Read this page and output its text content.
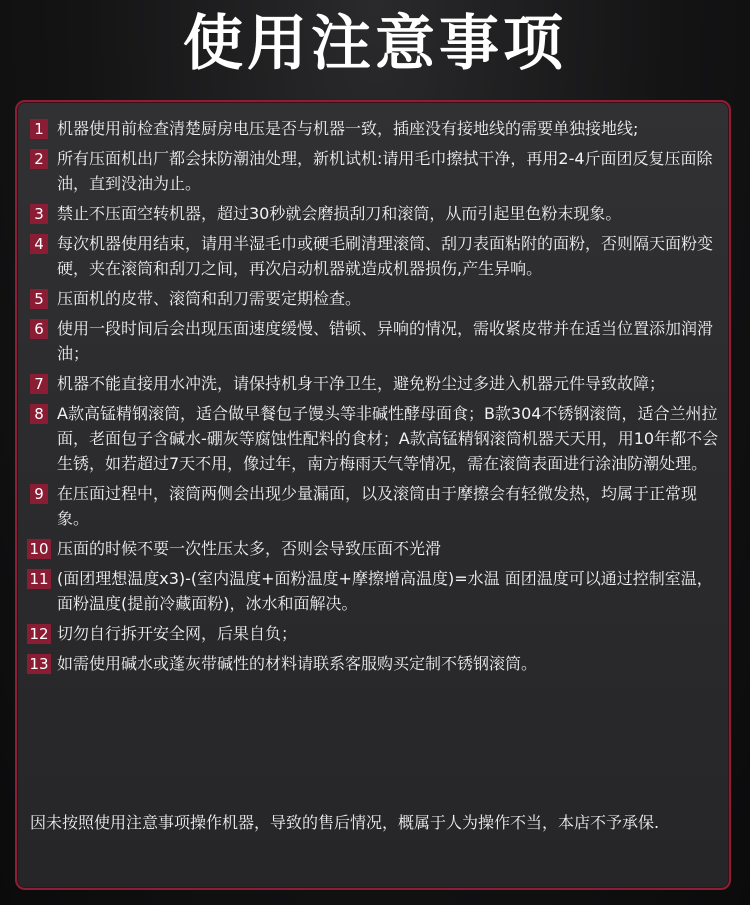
使用注意事项
1 机器使用前检查清楚厨房电压是否与机器一致，插座没有接地线的需要单独接地线;
2 所有压面机出厂都会抹防潮油处理，新机试机:请用毛巾擦拭干净，再用2-4斤面团反复压面除油，直到没油为止。
3 禁止不压面空转机器，超过30秒就会磨损刮刀和滚筒，从而引起里色粉末现象。
4 每次机器使用结束，请用半湿毛巾或硬毛刷清理滚筒、刮刀表面粘附的面粉，否则隔天面粉变硬，夹在滚筒和刮刀之间，再次启动机器就造成机器损伤,产生异响。
5 压面机的皮带、滚筒和刮刀需要定期检查。
6 使用一段时间后会出现压面速度缓慢、错顿、异响的情况，需收紧皮带并在适当位置添加润滑油；
7 机器不能直接用水冲洗，请保持机身干净卫生，避免粉尘过多进入机器元件导致故障；
8 A款高锰精钢滚筒，适合做早餐包子馒头等非碱性酵母面食；B款304不锈钢滚筒，适合兰州拉面，老面包子含碱水-硼灰等腐蚀性配料的食材；A款高锰精钢滚筒机器天天用，用10年都不会生锈，如若超过7天不用，像过年，南方梅雨天气等情况，需在滚筒表面进行涂油防潮处理。
9 在压面过程中，滚筒两侧会出现少量漏面，以及滚筒由于摩擦会有轻微发热，均属于正常现象。
10 压面的时候不要一次性压太多，否则会导致压面不光滑
11 (面团理想温度x3)-(室内温度+面粉温度+摩擦增高温度)=水温 面团温度可以通过控制室温，面粉温度(提前冷藏面粉)，冰水和面解决。
12 切勿自行拆开安全网，后果自负；
13 如需使用碱水或蓬灰带碱性的材料请联系客服购买定制不锈钢滚筒。
因未按照使用注意事项操作机器，导致的售后情况，概属于人为操作不当，本店不予承保.
